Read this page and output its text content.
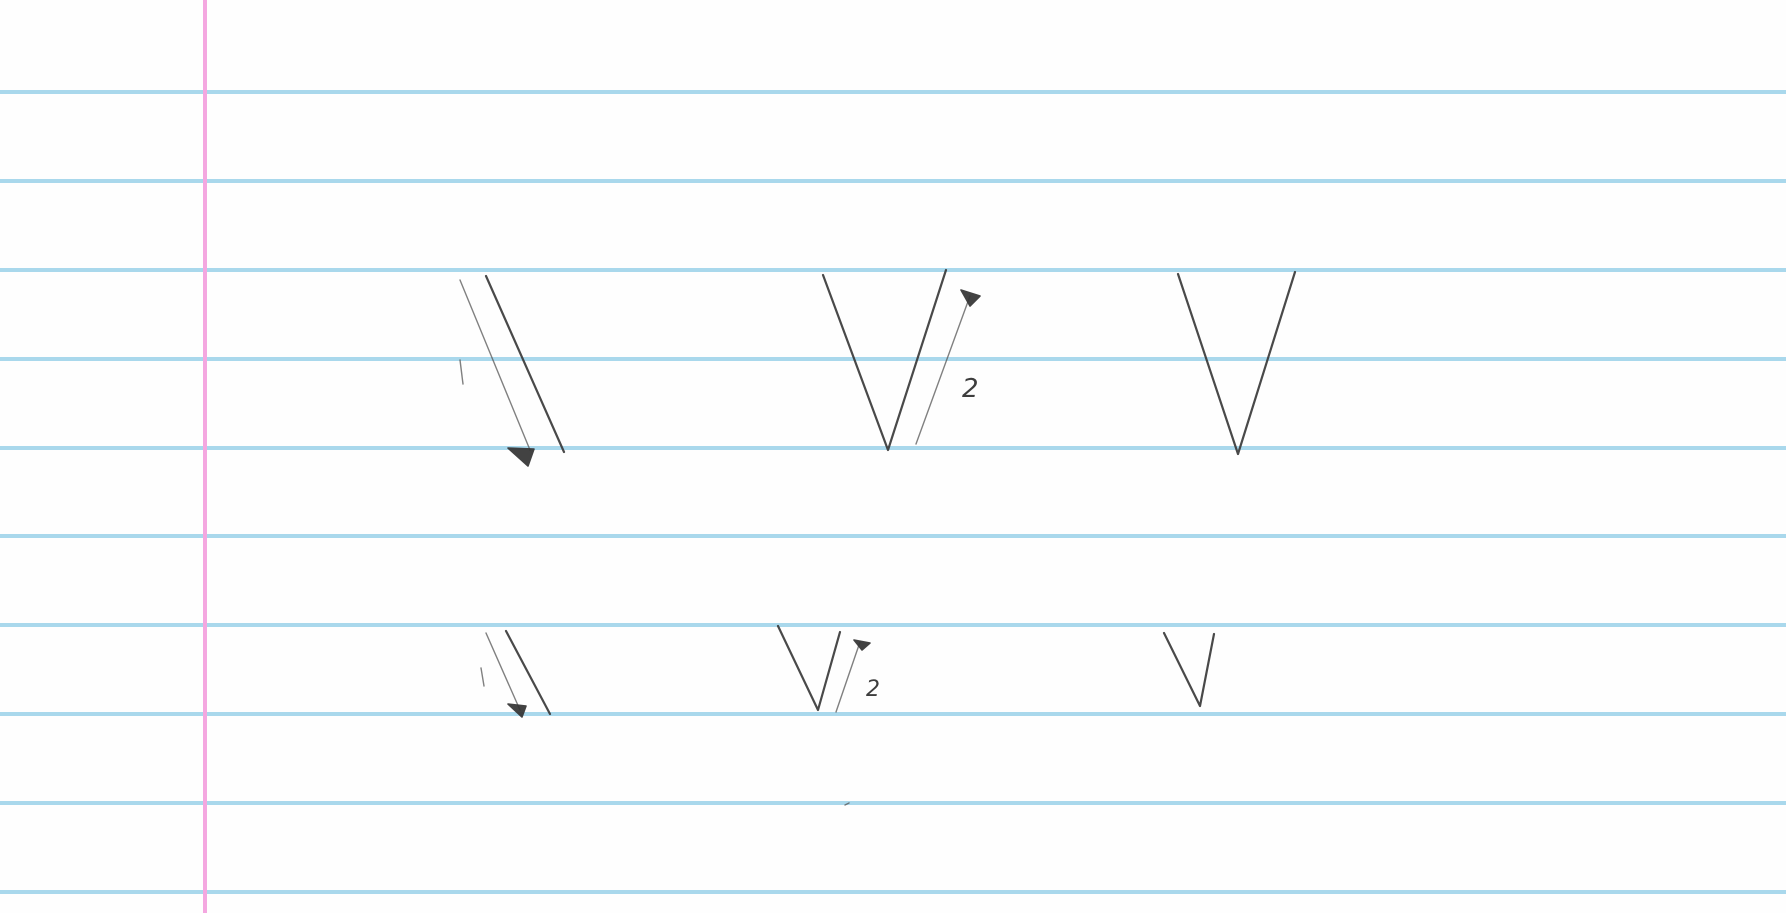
2
2
